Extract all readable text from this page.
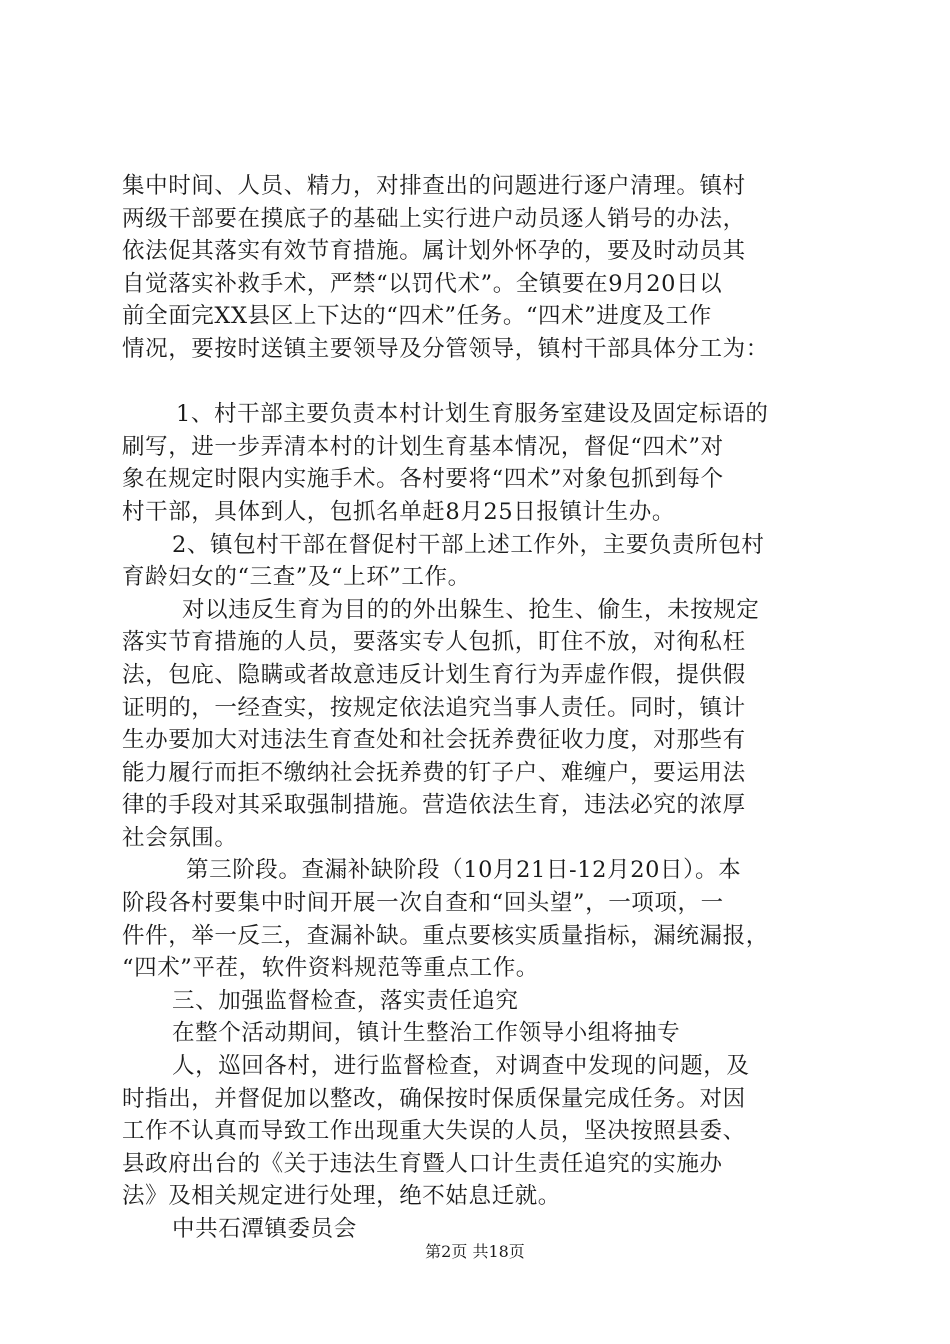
集中时间、人员、精力，对排查出的问题进行逐户清理。镇村
两级干部要在摸底子的基础上实行进户动员逐人销号的办法，
依法促其落实有效节育措施。属计划外怀孕的，要及时动员其
自觉落实补救手术，严禁“以罚代术”。全镇要在9月20日以
前全面完XX县区上下达的“四术”任务。“四术”进度及工作
情况，要按时送镇主要领导及分管领导，镇村干部具体分工为：
1、村干部主要负责本村计划生育服务室建设及固定标语的
刷写，进一步弄清本村的计划生育基本情况，督促“四术”对
象在规定时限内实施手术。各村要将“四术”对象包抓到每个
村干部，具体到人，包抓名单赶8月25日报镇计生办。
2、镇包村干部在督促村干部上述工作外，主要负责所包村
育龄妇女的“三查”及“上环”工作。
对以违反生育为目的的外出躲生、抢生、偷生，未按规定
落实节育措施的人员，要落实专人包抓，盯住不放，对徇私枉
法，包庇、隐瞒或者故意违反计划生育行为弄虚作假，提供假
证明的，一经查实，按规定依法追究当事人责任。同时，镇计
生办要加大对违法生育查处和社会抚养费征收力度，对那些有
能力履行而拒不缴纳社会抚养费的钉子户、难缠户，要运用法
律的手段对其采取强制措施。营造依法生育，违法必究的浓厚
社会氛围。
第三阶段。查漏补缺阶段（10月21日-12月20日）。本
阶段各村要集中时间开展一次自查和“回头望”，一项项，一
件件，举一反三，查漏补缺。重点要核实质量指标，漏统漏报，
“四术”平茬，软件资料规范等重点工作。
三、加强监督检查，落实责任追究
在整个活动期间，镇计生整治工作领导小组将抽专
人，巡回各村，进行监督检查，对调查中发现的问题，及
时指出，并督促加以整改，确保按时保质保量完成任务。对因
工作不认真而导致工作出现重大失误的人员，坚决按照县委、
县政府出台的《关于违法生育暨人口计生责任追究的实施办
法》及相关规定进行处理，绝不姑息迁就。
中共石潭镇委员会
第2页 共18页
